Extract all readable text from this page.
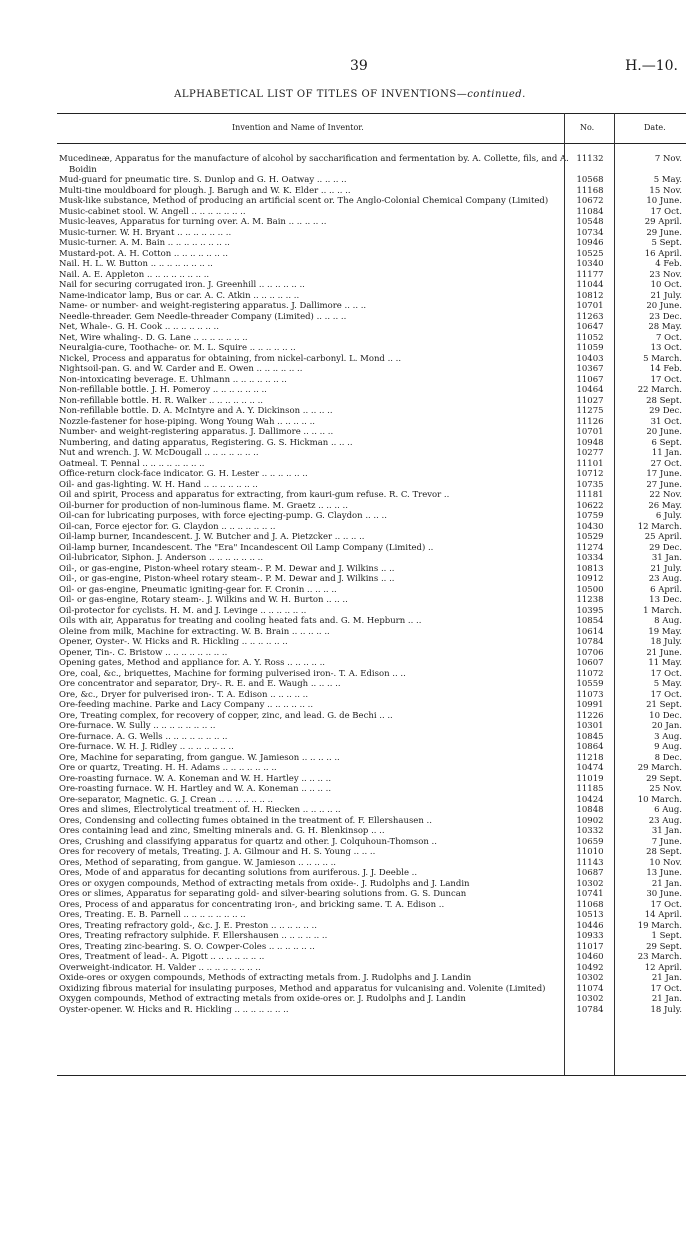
39	H.—10.
ALPHABETICAL LIST OF TITLES OF INVENTIONS—continued.
Invention and Name of Inventor.	No.	Date.
Mucedineæ, Apparatus for the manufacture of alcohol by saccharification and fermentation by. A. Collette, fils, and A. Boidin
11132	7 Nov.
Mud-guard for pneumatic tire. S. Dunlop and G. H. Oatway .. .. .. ..	10568	5 May.
Multi-tine mouldboard for plough. J. Barugh and W. K. Elder .. .. .. ..	11168	15 Nov.
Musk-like substance, Method of producing an artificial scent or. The Anglo-Colonial Chemical Company (Limited)	10672	10 June.
Music-cabinet stool. W. Angell .. .. .. .. .. .. ..	11084	17 Oct.
Music-leaves, Apparatus for turning over. A. M. Bain .. .. .. .. ..	10548	29 April.
Music-turner. W. H. Bryant .. .. .. .. .. .. ..	10734	29 June.
Music-turner. A. M. Bain .. .. .. .. .. .. .. ..	10946	5 Sept.
Mustard-pot. A. H. Cotton .. .. .. .. .. .. ..	10525	16 April.
Nail. H. L. W. Button .. .. .. .. .. .. .. ..	10340	4 Feb.
Nail. A. E. Appleton .. .. .. .. .. .. .. ..	11177	23 Nov.
Nail for securing corrugated iron. J. Greenhill .. .. .. .. .. ..	11044	10 Oct.
Name-indicator lamp, Bus or car. A. C. Atkin .. .. .. .. .. ..	10812	21 July.
Name- or number- and weight-registering apparatus. J. Dallimore .. .. ..	10701	20 June.
Needle-threader. Gem Needle-threader Company (Limited) .. .. .. ..	11263	23 Dec.
Net, Whale-. G. H. Cook .. .. .. .. .. .. ..	10647	28 May.
Net, Wire whaling-. D. G. Lane .. .. .. .. .. .. ..	11052	7 Oct.
Neuralgia-cure, Toothache- or. M. L. Squire .. .. .. .. .. ..	11059	13 Oct.
Nickel, Process and apparatus for obtaining, from nickel-carbonyl. L. Mond .. ..	10403	5 March.
Nightsoil-pan. G. and W. Carder and E. Owen .. .. .. .. .. ..	10367	14 Feb.
Non-intoxicating beverage. E. Uhlmann .. .. .. .. .. .. ..	11067	17 Oct.
Non-refillable bottle. J. H. Pomeroy .. .. .. .. .. .. ..	10464	22 March.
Non-refillable bottle. H. R. Walker .. .. .. .. .. .. ..	11027	28 Sept.
Non-refillable bottle. D. A. McIntyre and A. Y. Dickinson .. .. .. ..	11275	29 Dec.
Nozzle-fastener for hose-piping. Wong Young Wah .. .. .. .. ..	11126	31 Oct.
Number- and weight-registering apparatus. J. Dallimore .. .. .. ..	10701	20 June.
Numbering, and dating apparatus, Registering. G. S. Hickman .. .. ..	10948	6 Sept.
Nut and wrench. J. W. McDougall .. .. .. .. .. .. ..	10277	11 Jan.
Oatmeal. T. Pennal .. .. .. .. .. .. .. ..	11101	27 Oct.
Office-return clock-face indicator. G. H. Lester .. .. .. .. .. ..	10712	17 June.
Oil- and gas-lighting. W. H. Hand .. .. .. .. .. .. ..	10735	27 June.
Oil and spirit, Process and apparatus for extracting, from kauri-gum refuse. R. C. Trevor ..	11181	22 Nov.
Oil-burner for production of non-luminous flame. M. Graetz .. .. .. ..	10622	26 May.
Oil-can for lubricating purposes, with force ejecting-pump. G. Claydon .. .. ..	10759	6 July.
Oil-can, Force ejector for. G. Claydon .. .. .. .. .. .. ..	10430	12 March.
Oil-lamp burner, Incandescent. J. W. Butcher and J. A. Pietzcker .. .. .. ..	10529	25 April.
Oil-lamp burner, Incandescent. The "Era" Incandescent Oil Lamp Company (Limited) ..	11274	29 Dec.
Oil-lubricator, Siphon. J. Anderson .. .. .. .. .. .. ..	10334	31 Jan.
Oil-, or gas-engine, Piston-wheel rotary steam-. P. M. Dewar and J. Wilkins .. ..	10813	21 July.
Oil-, or gas-engine, Piston-wheel rotary steam-. P. M. Dewar and J. Wilkins .. ..	10912	23 Aug.
Oil- or gas-engine, Pneumatic igniting-gear for. F. Cronin .. .. .. ..	10500	6 April.
Oil- or gas-engine, Rotary steam-. J. Wilkins and W. H. Burton .. .. ..	11238	13 Dec.
Oil-protector for cyclists. H. M. and J. Levinge .. .. .. .. .. ..	10395	1 March.
Oils with air, Apparatus for treating and cooling heated fats and. G. M. Hepburn .. ..	10854	8 Aug.
Oleine from milk, Machine for extracting. W. B. Brain .. .. .. .. ..	10614	19 May.
Opener, Oyster-. W. Hicks and R. Hickling .. .. .. .. .. ..	10784	18 July.
Opener, Tin-. C. Bristow .. .. .. .. .. .. .. ..	10706	21 June.
Opening gates, Method and appliance for. A. Y. Ross .. .. .. .. ..	10607	11 May.
Ore, coal, &c., briquettes, Machine for forming pulverised iron-. T. A. Edison .. ..	11072	17 Oct.
Ore concentrator and separator, Dry-. R. E. and E. Waugh .. .. .. ..	10559	5 May.
Ore, &c., Dryer for pulverised iron-. T. A. Edison .. .. .. .. ..	11073	17 Oct.
Ore-feeding machine. Parke and Lacy Company .. .. .. .. .. ..	10991	21 Sept.
Ore, Treating complex, for recovery of copper, zinc, and lead. G. de Bechi .. ..	11226	10 Dec.
Ore-furnace. W. Sully .. .. .. .. .. .. .. ..	10301	20 Jan.
Ore-furnace. A. G. Wells .. .. .. .. .. .. .. ..	10845	3 Aug.
Ore-furnace. W. H. J. Ridley .. .. .. .. .. .. ..	10864	9 Aug.
Ore, Machine for separating, from gangue. W. Jamieson .. .. .. .. ..	11218	8 Dec.
Ore or quartz, Treating. H. H. Adams .. .. .. .. .. .. ..	10474	29 March.
Ore-roasting furnace. W. A. Koneman and W. H. Hartley .. .. .. ..	11019	29 Sept.
Ore-roasting furnace. W. H. Hartley and W. A. Koneman .. .. .. ..	11185	25 Nov.
Ore-separator, Magnetic. G. J. Crean .. .. .. .. .. .. ..	10424	10 March.
Ores and slimes, Electrolytical treatment of. H. Riecken .. .. .. .. ..	10848	6 Aug.
Ores, Condensing and collecting fumes obtained in the treatment of. F. Ellershausen ..	10902	23 Aug.
Ores containing lead and zinc, Smelting minerals and. G. H. Blenkinsop .. ..	10332	31 Jan.
Ores, Crushing and classifying apparatus for quartz and other. J. Colquhoun-Thomson ..	10659	7 June.
Ores for recovery of metals, Treating. J. A. Gilmour and H. S. Young .. .. ..	11010	28 Sept.
Ores, Method of separating, from gangue. W. Jamieson .. .. .. .. ..	11143	10 Nov.
Ores, Mode of and apparatus for decanting solutions from auriferous. J. J. Deeble ..	10687	13 June.
Ores or oxygen compounds, Method of extracting metals from oxide-. J. Rudolphs and J. Landin	10302	21 Jan.
Ores or slimes, Apparatus for separating gold- and silver-bearing solutions from. G. S. Duncan	10741	30 June.
Ores, Process of and apparatus for concentrating iron-, and bricking same. T. A. Edison ..	11068	17 Oct.
Ores, Treating. E. B. Parnell .. .. .. .. .. .. .. ..	10513	14 April.
Ores, Treating refractory gold-, &c. J. E. Preston .. .. .. .. .. ..	10446	19 March.
Ores, Treating refractory sulphide. F. Ellershausen .. .. .. .. .. ..	10933	1 Sept.
Ores, Treating zinc-bearing. S. O. Cowper-Coles .. .. .. .. .. ..	11017	29 Sept.
Ores, Treatment of lead-. A. Pigott .. .. .. .. .. .. ..	10460	23 March.
Overweight-indicator. H. Valder .. .. .. .. .. .. .. ..	10492	12 April.
Oxide-ores or oxygen compounds, Methods of extracting metals from. J. Rudolphs and J. Landin	10302	21 Jan.
Oxidizing fibrous material for insulating purposes, Method and apparatus for vulcanising and. Volenite (Limited)	11074	17 Oct.
Oxygen compounds, Method of extracting metals from oxide-ores or. J. Rudolphs and J. Landin	10302	21 Jan.
Oyster-opener. W. Hicks and R. Hickling .. .. .. .. .. .. ..	10784	18 July.
